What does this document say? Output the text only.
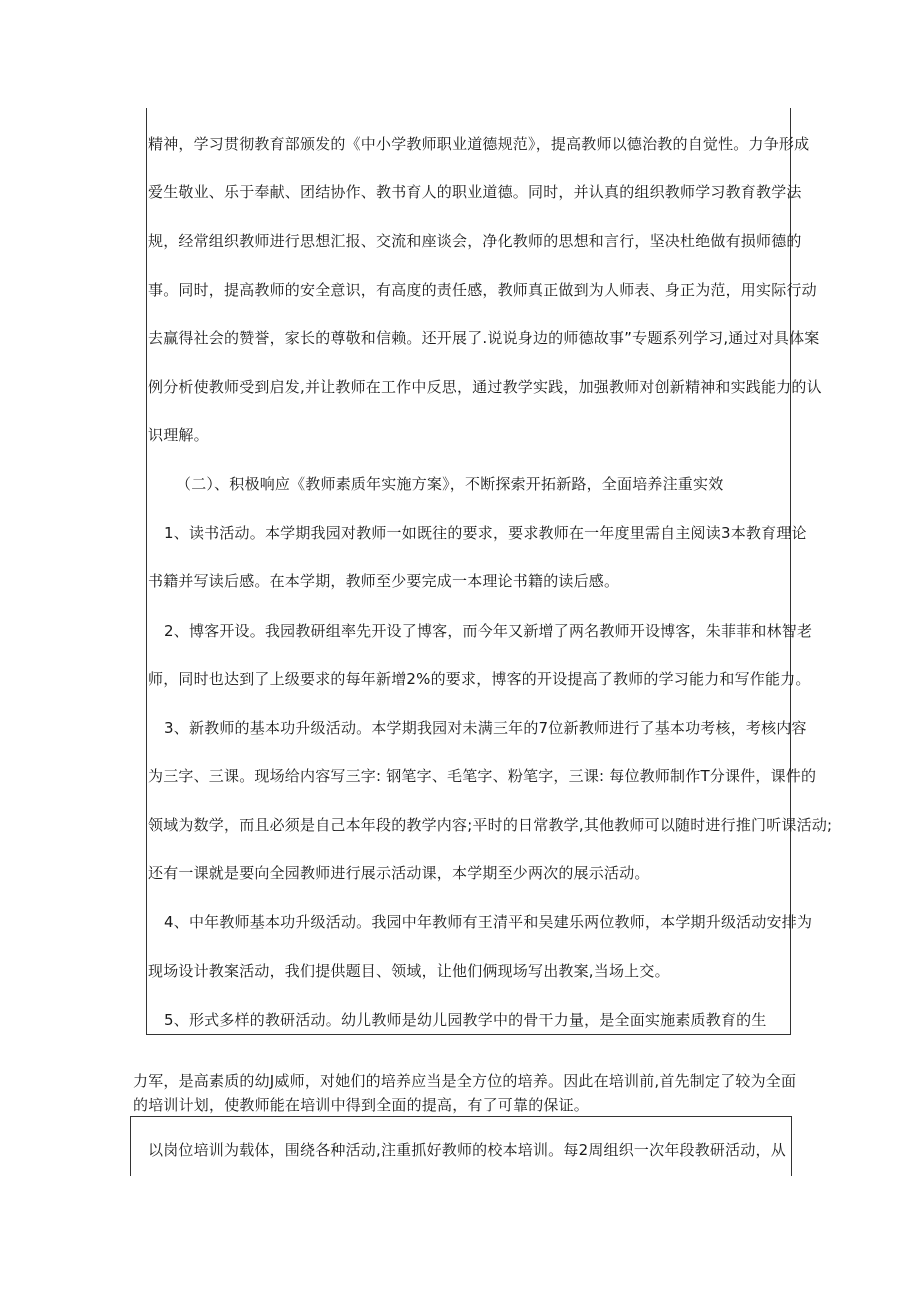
精神，学习贯彻教育部颁发的《中小学教师职业道德规范》，提高教师以德治教的自觉性。力争形成
爱生敬业、乐于奉献、团结协作、教书育人的职业道德。同时，并认真的组织教师学习教育教学法
规，经常组织教师进行思想汇报、交流和座谈会，净化教师的思想和言行，坚决杜绝做有损师德的
事。同时，提高教师的安全意识，有高度的责任感，教师真正做到为人师表、身正为范，用实际行动
去赢得社会的赞誉，家长的尊敬和信赖。还开展了.说说身边的师德故事”专题系列学习,通过对具体案
例分析使教师受到启发,并让教师在工作中反思，通过教学实践，加强教师对创新精神和实践能力的认
识理解。
（二）、积极响应《教师素质年实施方案》，不断探索开拓新路，全面培养注重实效
1、读书活动。本学期我园对教师一如既往的要求，要求教师在一年度里需自主阅读3本教育理论
书籍并写读后感。在本学期，教师至少要完成一本理论书籍的读后感。
2、博客开设。我园教研组率先开设了博客，而今年又新增了两名教师开设博客，朱菲菲和林智老
师，同时也达到了上级要求的每年新增2%的要求，博客的开设提高了教师的学习能力和写作能力。
3、新教师的基本功升级活动。本学期我园对未满三年的7位新教师进行了基本功考核，考核内容
为三字、三课。现场给内容写三字: 钢笔字、毛笔字、粉笔字，三课: 每位教师制作T分课件，课件的
领域为数学，而且必须是自己本年段的教学内容;平时的日常教学,其他教师可以随时进行推门听课活动;
还有一课就是要向全园教师进行展示活动课，本学期至少两次的展示活动。
4、中年教师基本功升级活动。我园中年教师有王清平和吴建乐两位教师，本学期升级活动安排为
现场设计教案活动，我们提供题目、领域，让他们俩现场写出教案,当场上交。
5、形式多样的教研活动。幼儿教师是幼儿园教学中的骨干力量，是全面实施素质教育的生
力军，是高素质的幼J威师，对她们的培养应当是全方位的培养。因此在培训前,首先制定了较为全面
的培训计划，使教师能在培训中得到全面的提高，有了可靠的保证。
以岗位培训为载体，围绕各种活动,注重抓好教师的校本培训。每2周组织一次年段教研活动，从
